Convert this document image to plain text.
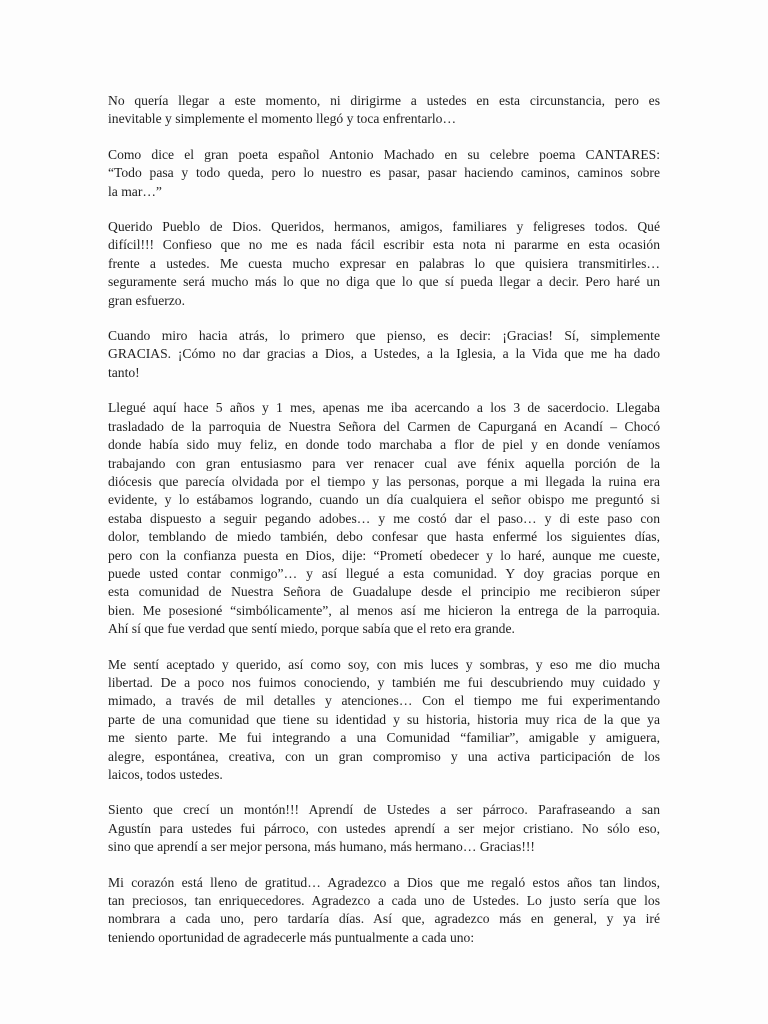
No quería llegar a este momento, ni dirigirme a ustedes en esta circunstancia, pero es
inevitable y simplemente el momento llegó y toca enfrentarlo…
Como dice el gran poeta español Antonio Machado en su celebre poema CANTARES:
“Todo pasa y todo queda, pero lo nuestro es pasar, pasar haciendo caminos, caminos sobre
la mar…”
Querido Pueblo de Dios. Queridos, hermanos, amigos, familiares y feligreses todos. Qué
difícil!!! Confieso que no me es nada fácil escribir esta nota ni pararme en esta ocasión
frente a ustedes. Me cuesta mucho expresar en palabras lo que quisiera transmitirles…
seguramente será mucho más lo que no diga que lo que sí pueda llegar a decir. Pero haré un
gran esfuerzo.
Cuando miro hacia atrás, lo primero que pienso, es decir: ¡Gracias! Sí, simplemente
GRACIAS. ¡Cómo no dar gracias a Dios, a Ustedes, a la Iglesia, a la Vida que me ha dado
tanto!
Llegué aquí hace 5 años y 1 mes, apenas me iba acercando a los 3 de sacerdocio. Llegaba
trasladado de la parroquia de Nuestra Señora del Carmen de Capurganá en Acandí – Chocó
donde había sido muy feliz, en donde todo marchaba a flor de piel y en donde veníamos
trabajando con gran entusiasmo para ver renacer cual ave fénix aquella porción de la
diócesis que parecía olvidada por el tiempo y las personas, porque a mi llegada la ruina era
evidente, y lo estábamos logrando, cuando un día cualquiera el señor obispo me preguntó si
estaba dispuesto a seguir pegando adobes… y me costó dar el paso… y di este paso con
dolor, temblando de miedo también, debo confesar que hasta enfermé los siguientes días,
pero con la confianza puesta en Dios, dije: “Prometí obedecer y lo haré, aunque me cueste,
puede usted contar conmigo”… y así llegué a esta comunidad. Y doy gracias porque en
esta comunidad de Nuestra Señora de Guadalupe desde el principio me recibieron súper
bien. Me posesioné “simbólicamente”, al menos así me hicieron la entrega de la parroquia.
Ahí sí que fue verdad que sentí miedo, porque sabía que el reto era grande.
Me sentí aceptado y querido, así como soy, con mis luces y sombras, y eso me dio mucha
libertad. De a poco nos fuimos conociendo, y también me fui descubriendo muy cuidado y
mimado, a través de mil detalles y atenciones… Con el tiempo me fui experimentando
parte de una comunidad que tiene su identidad y su historia, historia muy rica de la que ya
me siento parte. Me fui integrando a una Comunidad “familiar”, amigable y amiguera,
alegre, espontánea, creativa, con un gran compromiso y una activa participación de los
laicos, todos ustedes.
Siento que crecí un montón!!! Aprendí de Ustedes a ser párroco. Parafraseando a san
Agustín para ustedes fui párroco, con ustedes aprendí a ser mejor cristiano. No sólo eso,
sino que aprendí a ser mejor persona, más humano, más hermano… Gracias!!!
Mi corazón está lleno de gratitud… Agradezco a Dios que me regaló estos años tan lindos,
tan preciosos, tan enriquecedores. Agradezco a cada uno de Ustedes. Lo justo sería que los
nombrara a cada uno, pero tardaría días. Así que, agradezco más en general, y ya iré
teniendo oportunidad de agradecerle más puntualmente a cada uno:
